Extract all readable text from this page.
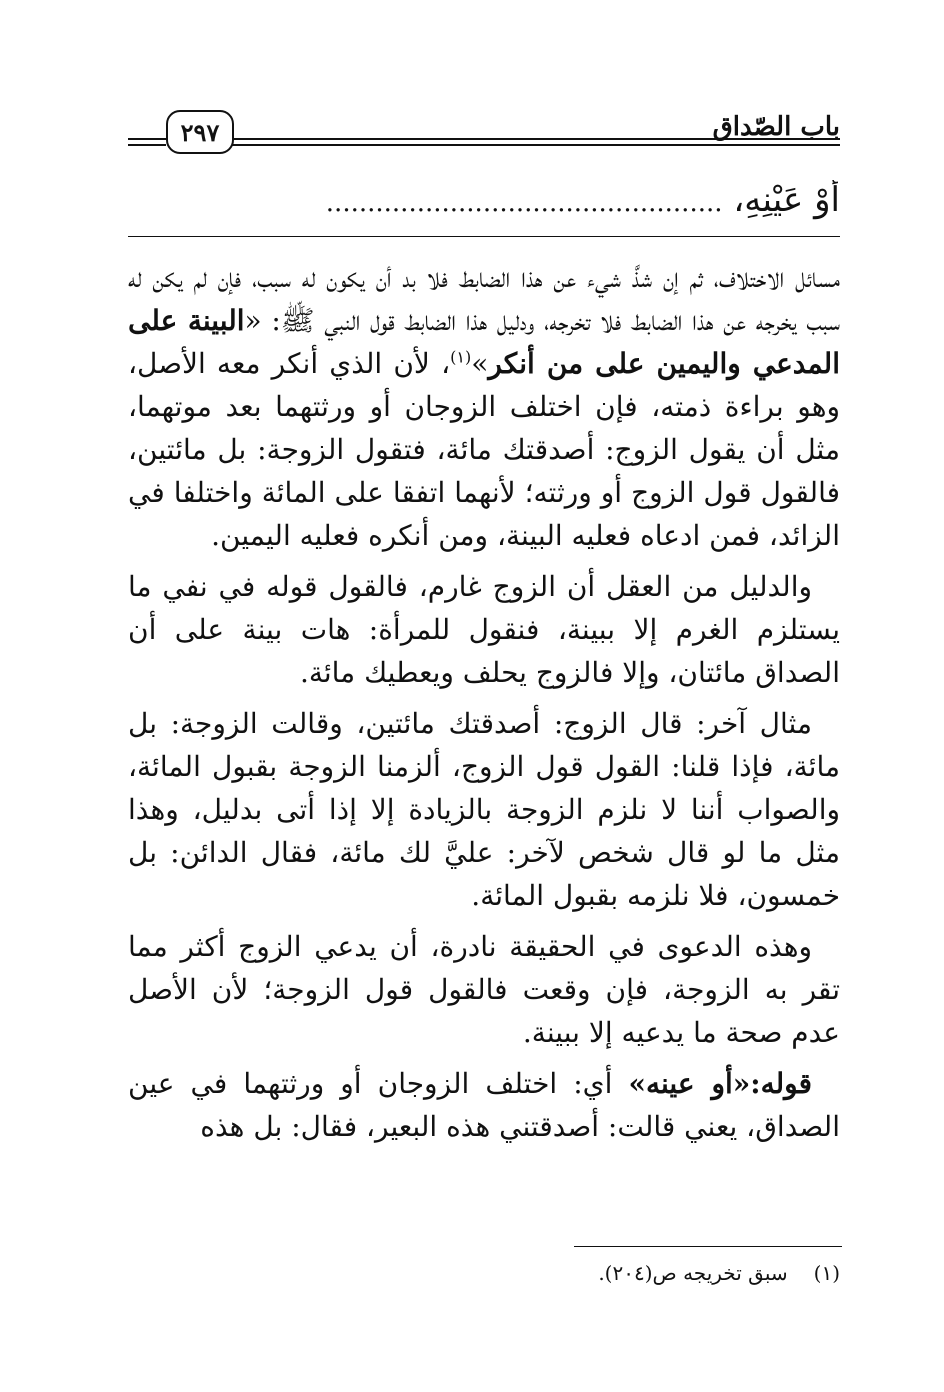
باب الصّداق
٢٩٧
أَوْ عَيْنِهِ، ................................................

مسائل الاختلاف، ثم إن شذَّ شيء عن هذا الضابط فلا بد أن يكون له سبب، فإن لم يكن له سبب يخرجه عن هذا الضابط فلا تخرجه، ودليل هذا الضابط قول النبي ﷺ: «البينة على المدعي واليمين على من أنكر»$^{(١)}$، لأن الذي أنكر معه الأصل، وهو براءة ذمته، فإن اختلف الزوجان أو ورثتهما بعد موتهما، مثل أن يقول الزوج: أصدقتك مائة، فتقول الزوجة: بل مائتين، فالقول قول الزوج أو ورثته؛ لأنهما اتفقا على المائة واختلفا في الزائد، فمن ادعاه فعليه البينة، ومن أنكره فعليه اليمين.

والدليل من العقل أن الزوج غارم، فالقول قوله في نفي ما يستلزم الغرم إلا ببينة، فنقول للمرأة: هات بينة على أن الصداق مائتان، وإلا فالزوج يحلف ويعطيك مائة.

مثال آخر: قال الزوج: أصدقتك مائتين، وقالت الزوجة: بل مائة، فإذا قلنا: القول قول الزوج، ألزمنا الزوجة بقبول المائة، والصواب أننا لا نلزم الزوجة بالزيادة إلا إذا أتى بدليل، وهذا مثل ما لو قال شخص لآخر: عليَّ لك مائة، فقال الدائن: بل خمسون، فلا نلزمه بقبول المائة.

وهذه الدعوى في الحقيقة نادرة، أن يدعي الزوج أكثر مما تقر به الزوجة، فإن وقعت فالقول قول الزوجة؛ لأن الأصل عدم صحة ما يدعيه إلا ببينة.

قوله:«أو عينه» أي: اختلف الزوجان أو ورثتهما في عين الصداق، يعني قالت: أصدقتني هذه البعير، فقال: بل هذه

(١)سبق تخريجه ص(٢٠٤).
